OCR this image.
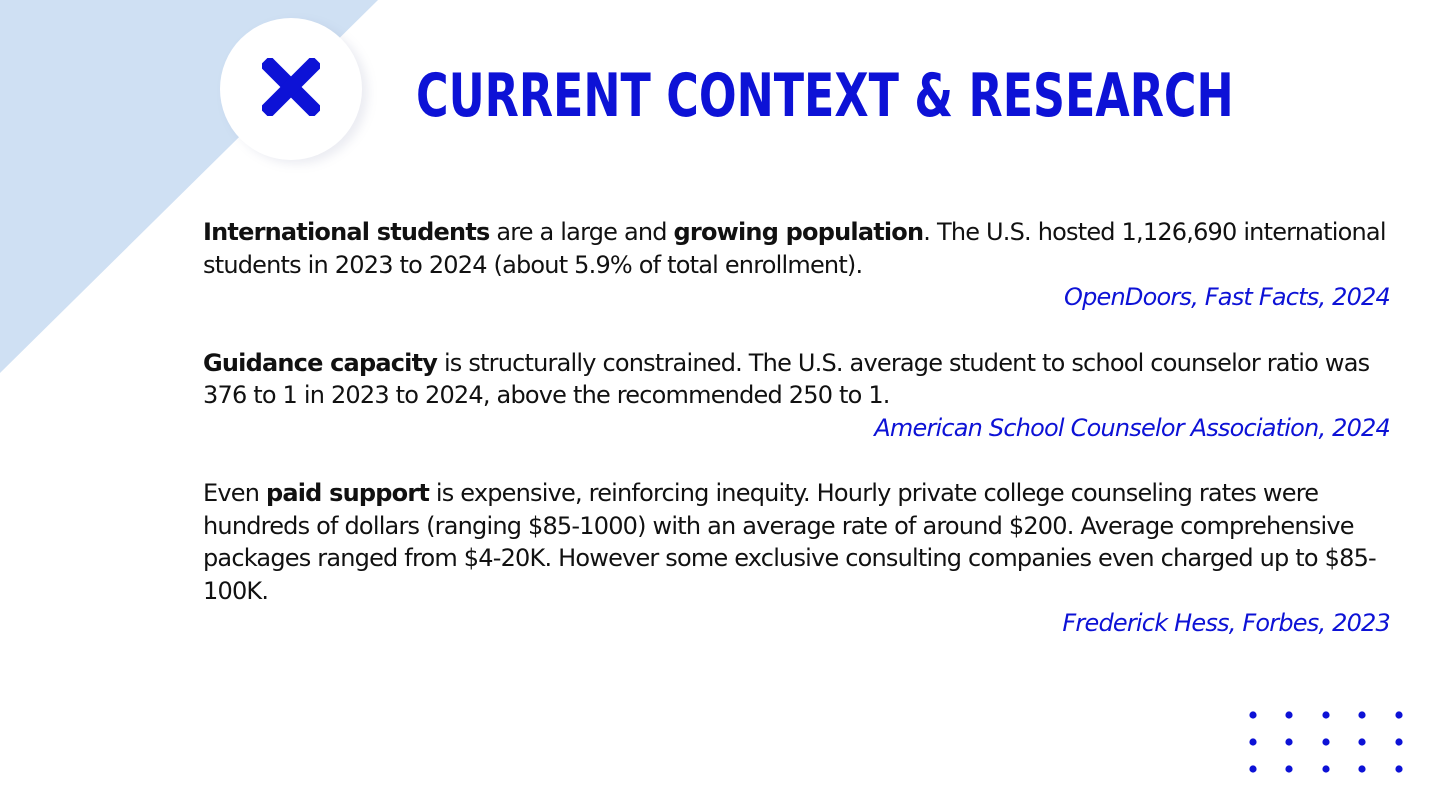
CURRENT CONTEXT & RESEARCH

International students are a large and growing population. The U.S. hosted 1,126,690 international students in 2023 to 2024 (about 5.9% of total enrollment).

OpenDoors, Fast Facts, 2024

Guidance capacity is structurally constrained. The U.S. average student to school counselor ratio was 376 to 1 in 2023 to 2024, above the recommended 250 to 1.

American School Counselor Association, 2024

Even paid support is expensive, reinforcing inequity. Hourly private college counseling rates were hundreds of dollars (ranging $85-1000) with an average rate of around $200. Average comprehensive packages ranged from $4-20K. However some exclusive consulting companies even charged up to $85-100K.

Frederick Hess, Forbes, 2023
